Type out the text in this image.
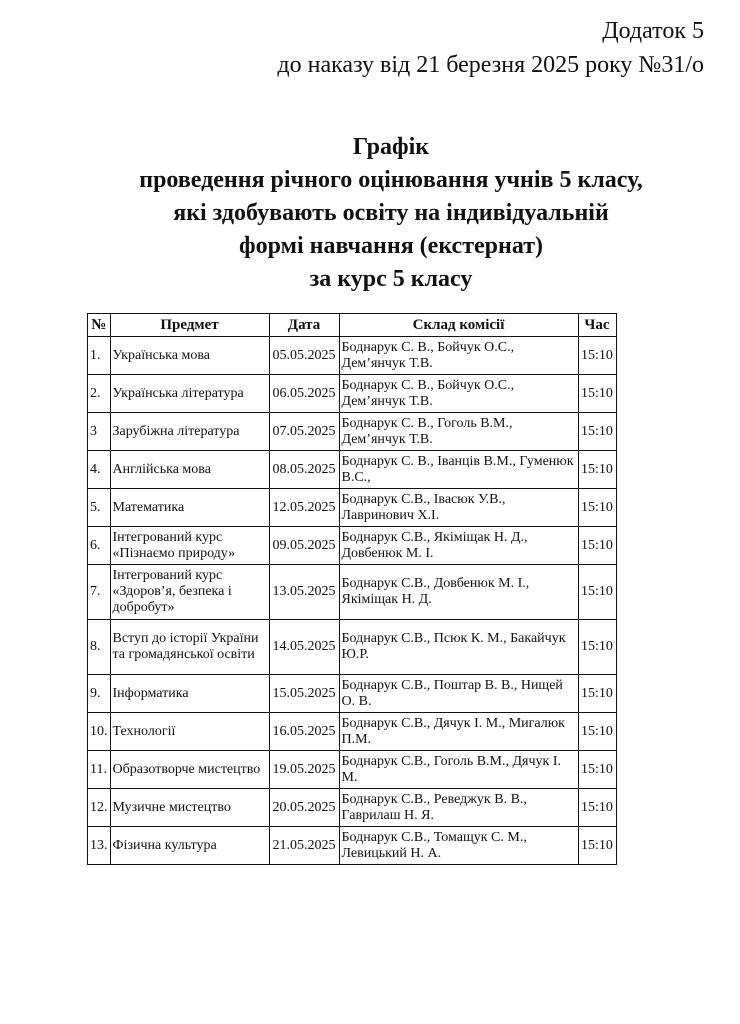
Додаток 5
до наказу від 21 березня 2025 року №31/о
Графік
проведення річного оцінювання учнів 5 класу,
які здобувають освіту на індивідуальній
формі навчання (екстернат)
за курс 5 класу
№	Предмет	Дата	Склад комісії	Час
1.	Українська мова	05.05.2025	Боднарук С. В., Бойчук О.С., Дем’янчук Т.В.	15:10
2.	Українська література	06.05.2025	Боднарук С. В., Бойчук О.С., Дем’янчук Т.В.	15:10
3	Зарубіжна література	07.05.2025	Боднарук С. В., Гоголь В.М., Дем’янчук Т.В.	15:10
4.	Англійська мова	08.05.2025	Боднарук С. В., Іванців В.М., Гуменюк В.С.,	15:10
5.	Математика	12.05.2025	Боднарук С.В., Івасюк У.В., Лавринович Х.І.	15:10
6.	Інтегрований курс «Пізнаємо природу»	09.05.2025	Боднарук С.В., Якіміщак Н. Д., Довбенюк М. І.	15:10
7.	Інтегрований курс «Здоров’я, безпека і добробут»	13.05.2025	Боднарук С.В., Довбенюк М. І., Якіміщак Н. Д.	15:10
8.	Вступ до історії України та громадянської освіти	14.05.2025	Боднарук С.В., Псюк К. М., Бакайчук Ю.Р.	15:10
9.	Інформатика	15.05.2025	Боднарук С.В., Поштар В. В., Нищей О. В.	15:10
10.	Технології	16.05.2025	Боднарук С.В., Дячук І. М., Мигалюк П.М.	15:10
11.	Образотворче мистецтво	19.05.2025	Боднарук С.В., Гоголь В.М., Дячук І. М.	15:10
12.	Музичне мистецтво	20.05.2025	Боднарук С.В., Реведжук В. В., Гаврилаш Н. Я.	15:10
13.	Фізична культура	21.05.2025	Боднарук С.В., Томащук С. М., Левицький Н. А.	15:10
